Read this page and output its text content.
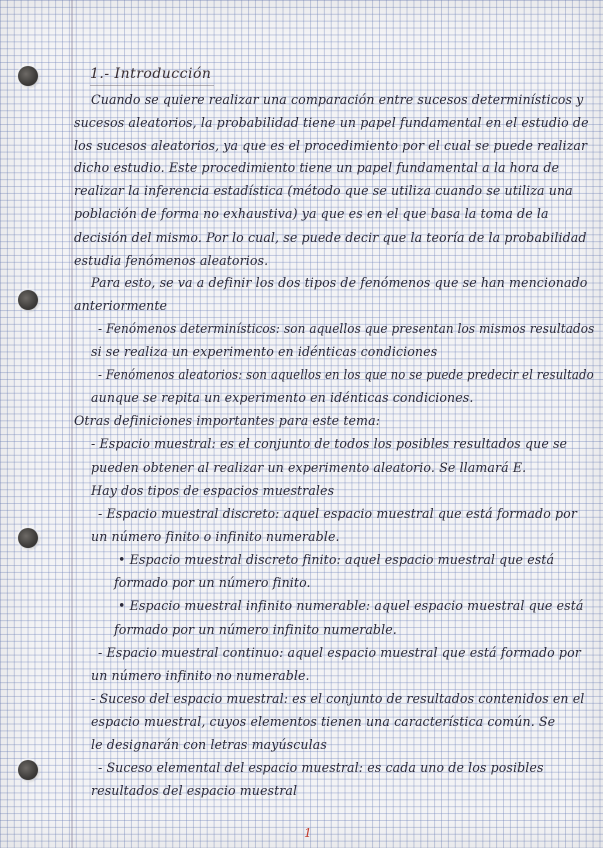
1.- Introducción
Cuando se quiere realizar una comparación entre sucesos determinísticos y
sucesos aleatorios, la probabilidad tiene un papel fundamental en el estudio de
los sucesos aleatorios, ya que es el procedimiento por el cual se puede realizar
dicho estudio. Este procedimiento tiene un papel fundamental a la hora de
realizar la inferencia estadística (método que se utiliza cuando se utiliza una
población de forma no exhaustiva) ya que es en el que basa la toma de la
decisión del mismo. Por lo cual, se puede decir que la teoría de la probabilidad
estudia fenómenos aleatorios.
Para esto, se va a definir los dos tipos de fenómenos que se han mencionado
anteriormente
- Fenómenos determinísticos: son aquellos que presentan los mismos resultados
si se realiza un experimento en idénticas condiciones
- Fenómenos aleatorios: son aquellos en los que no se puede predecir el resultado
aunque se repita un experimento en idénticas condiciones.
Otras definiciones importantes para este tema:
- Espacio muestral: es el conjunto de todos los posibles resultados que se
pueden obtener al realizar un experimento aleatorio. Se llamará E.
Hay dos tipos de espacios muestrales
- Espacio muestral discreto: aquel espacio muestral que está formado por
un número finito o infinito numerable.
• Espacio muestral discreto finito: aquel espacio muestral que está
formado por un número finito.
• Espacio muestral infinito numerable: aquel espacio muestral que está
formado por un número infinito numerable.
- Espacio muestral continuo: aquel espacio muestral que está formado por
un número infinito no numerable.
- Suceso del espacio muestral: es el conjunto de resultados contenidos en el
espacio muestral, cuyos elementos tienen una característica común. Se
le designarán con letras mayúsculas
- Suceso elemental del espacio muestral: es cada uno de los posibles
resultados del espacio muestral
1
